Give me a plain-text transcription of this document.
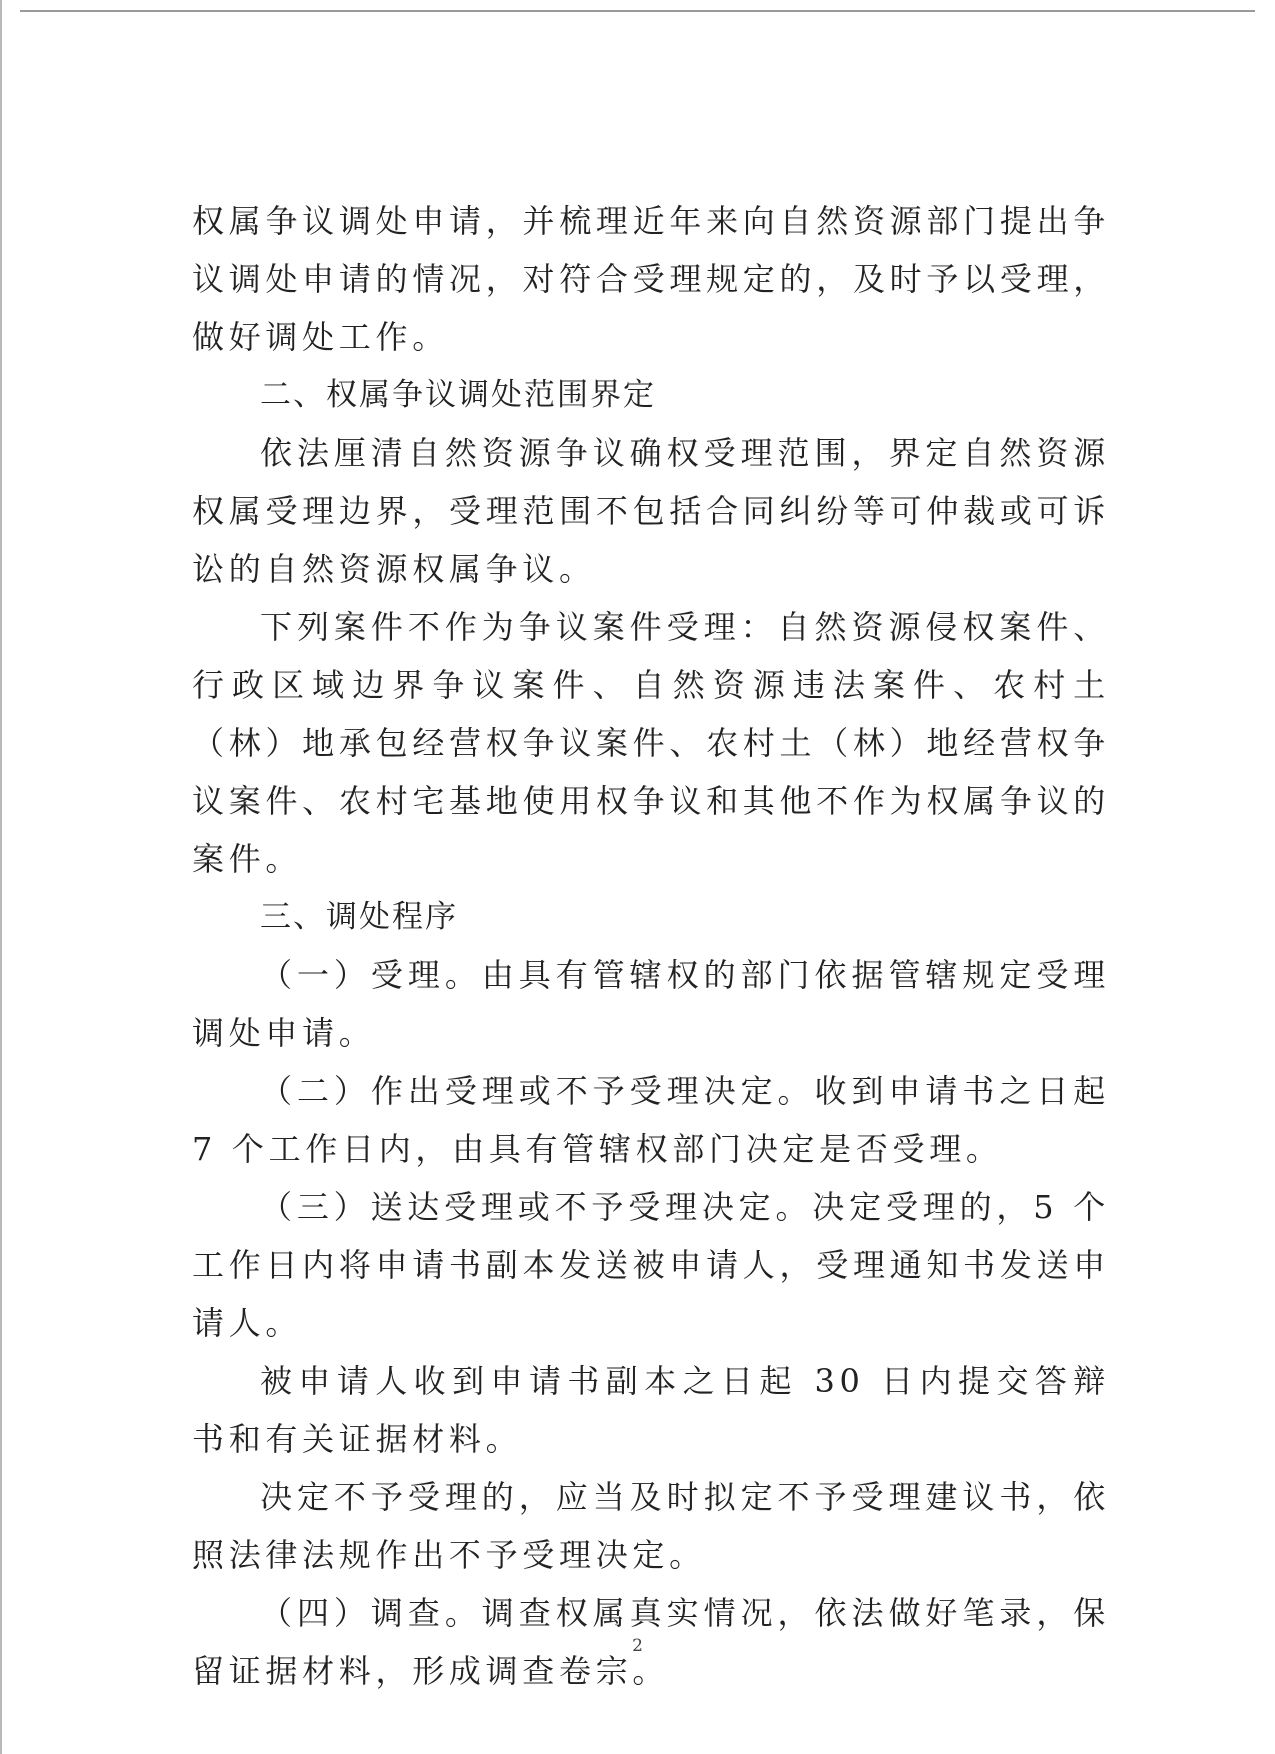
权属争议调处申请，并梳理近年来向自然资源部门提出争议调处申请的情况，对符合受理规定的，及时予以受理，做好调处工作。

二、权属争议调处范围界定

依法厘清自然资源争议确权受理范围，界定自然资源权属受理边界，受理范围不包括合同纠纷等可仲裁或可诉讼的自然资源权属争议。

下列案件不作为争议案件受理：自然资源侵权案件、行政区域边界争议案件、自然资源违法案件、农村土（林）地承包经营权争议案件、农村土（林）地经营权争议案件、农村宅基地使用权争议和其他不作为权属争议的案件。

三、调处程序

（一）受理。由具有管辖权的部门依据管辖规定受理调处申请。

（二）作出受理或不予受理决定。收到申请书之日起 7 个工作日内，由具有管辖权部门决定是否受理。

（三）送达受理或不予受理决定。决定受理的，5 个工作日内将申请书副本发送被申请人，受理通知书发送申请人。

被申请人收到申请书副本之日起 30 日内提交答辩书和有关证据材料。

决定不予受理的，应当及时拟定不予受理建议书，依照法律法规作出不予受理决定。

（四）调查。调查权属真实情况，依法做好笔录，保留证据材料，形成调查卷宗。

2
